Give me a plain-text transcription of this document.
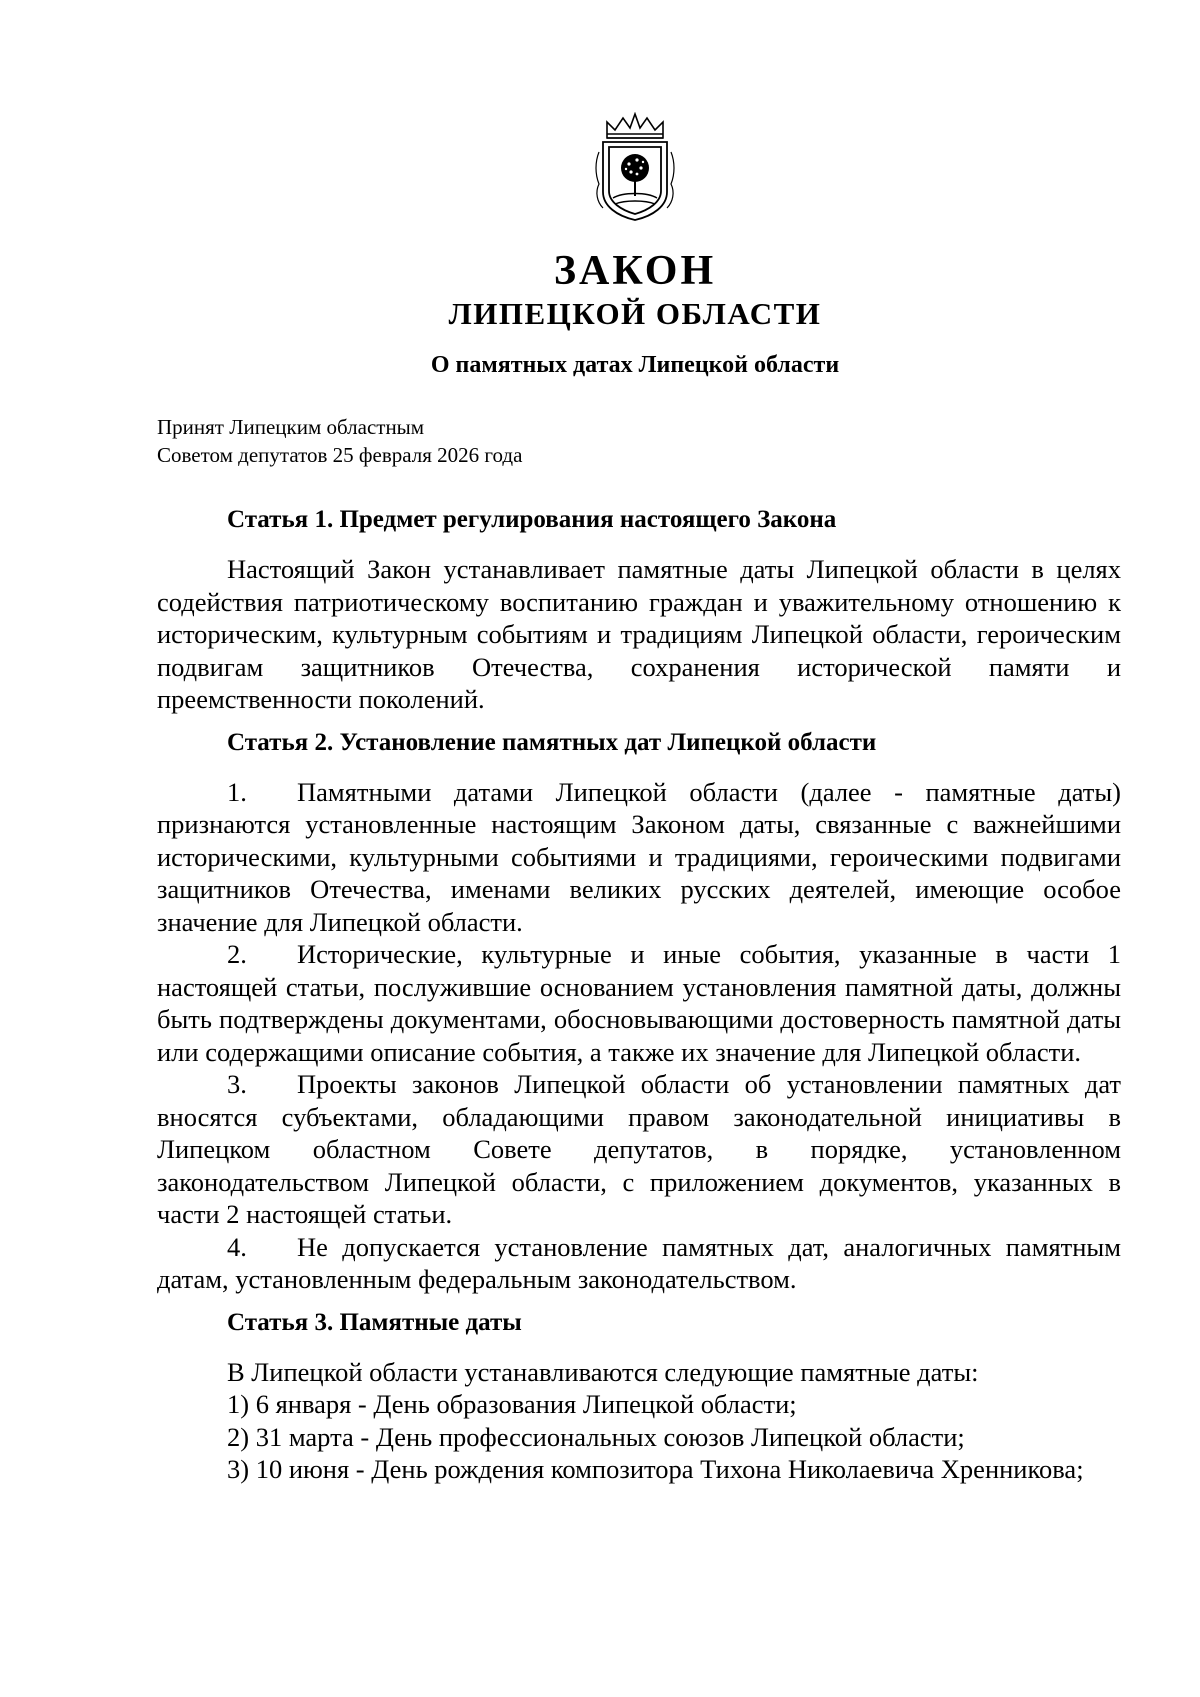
ЗАКОН
ЛИПЕЦКОЙ ОБЛАСТИ
О памятных датах Липецкой области
Принят Липецким областным
Советом депутатов 25 февраля 2026 года
Статья 1. Предмет регулирования настоящего Закона

Настоящий Закон устанавливает памятные даты Липецкой области в целях содействия патриотическому воспитанию граждан и уважительному отношению к историческим, культурным событиям и традициям Липецкой области, героическим подвигам защитников Отечества, сохранения исторической памяти и преемственности поколений.

Статья 2. Установление памятных дат Липецкой области

1. Памятными датами Липецкой области (далее - памятные даты) признаются установленные настоящим Законом даты, связанные с важнейшими историческими, культурными событиями и традициями, героическими подвигами защитников Отечества, именами великих русских деятелей, имеющие особое значение для Липецкой области.

2. Исторические, культурные и иные события, указанные в части 1 настоящей статьи, послужившие основанием установления памятной даты, должны быть подтверждены документами, обосновывающими достоверность памятной даты или содержащими описание события, а также их значение для Липецкой области.

3. Проекты законов Липецкой области об установлении памятных дат вносятся субъектами, обладающими правом законодательной инициативы в Липецком областном Совете депутатов, в порядке, установленном законодательством Липецкой области, с приложением документов, указанных в части 2 настоящей статьи.

4. Не допускается установление памятных дат, аналогичных памятным датам, установленным федеральным законодательством.

Статья 3. Памятные даты

В Липецкой области устанавливаются следующие памятные даты:

1) 6 января - День образования Липецкой области;

2) 31 марта - День профессиональных союзов Липецкой области;

3) 10 июня - День рождения композитора Тихона Николаевича Хренникова;
